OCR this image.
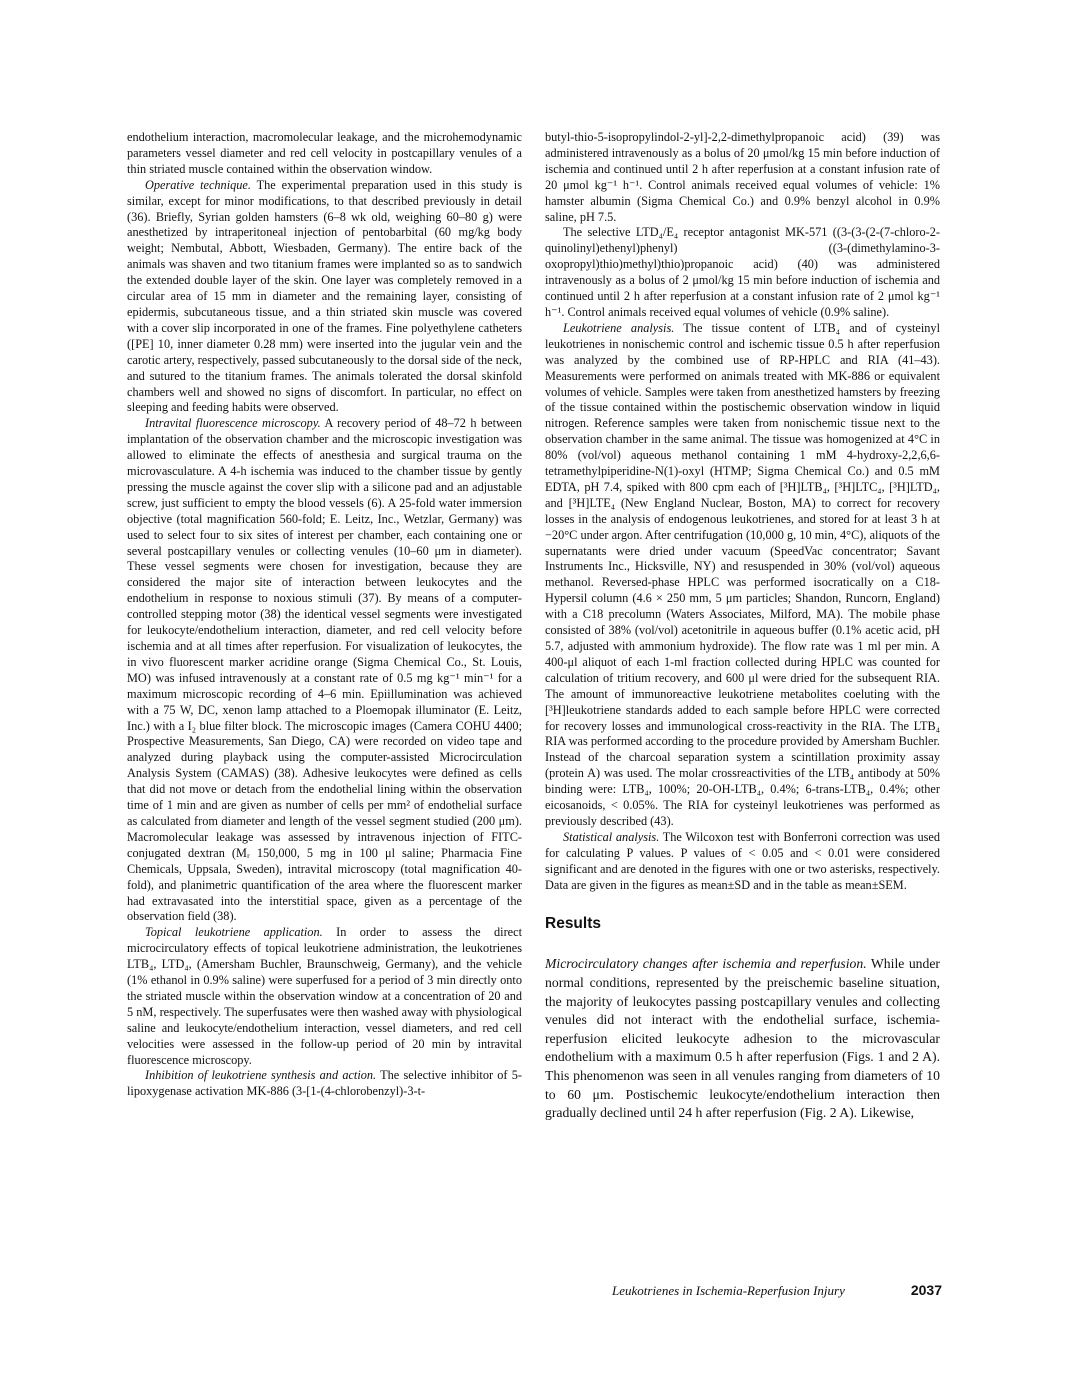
endothelium interaction, macromolecular leakage, and the microhemodynamic parameters vessel diameter and red cell velocity in postcapillary venules of a thin striated muscle contained within the observation window.

Operative technique. The experimental preparation used in this study is similar, except for minor modifications, to that described previously in detail (36). Briefly, Syrian golden hamsters (6–8 wk old, weighing 60–80 g) were anesthetized by intraperitoneal injection of pentobarbital (60 mg/kg body weight; Nembutal, Abbott, Wiesbaden, Germany). The entire back of the animals was shaven and two titanium frames were implanted so as to sandwich the extended double layer of the skin. One layer was completely removed in a circular area of 15 mm in diameter and the remaining layer, consisting of epidermis, subcutaneous tissue, and a thin striated skin muscle was covered with a cover slip incorporated in one of the frames. Fine polyethylene catheters ([PE] 10, inner diameter 0.28 mm) were inserted into the jugular vein and the carotic artery, respectively, passed subcutaneously to the dorsal side of the neck, and sutured to the titanium frames. The animals tolerated the dorsal skinfold chambers well and showed no signs of discomfort. In particular, no effect on sleeping and feeding habits were observed.

Intravital fluorescence microscopy. A recovery period of 48–72 h between implantation of the observation chamber and the microscopic investigation was allowed to eliminate the effects of anesthesia and surgical trauma on the microvasculature. A 4-h ischemia was induced to the chamber tissue by gently pressing the muscle against the cover slip with a silicone pad and an adjustable screw, just sufficient to empty the blood vessels (6). A 25-fold water immersion objective (total magnification 560-fold; E. Leitz, Inc., Wetzlar, Germany) was used to select four to six sites of interest per chamber, each containing one or several postcapillary venules or collecting venules (10–60 μm in diameter). These vessel segments were chosen for investigation, because they are considered the major site of interaction between leukocytes and the endothelium in response to noxious stimuli (37). By means of a computer-controlled stepping motor (38) the identical vessel segments were investigated for leukocyte/endothelium interaction, diameter, and red cell velocity before ischemia and at all times after reperfusion. For visualization of leukocytes, the in vivo fluorescent marker acridine orange (Sigma Chemical Co., St. Louis, MO) was infused intravenously at a constant rate of 0.5 mg kg⁻¹ min⁻¹ for a maximum microscopic recording of 4–6 min. Epiillumination was achieved with a 75 W, DC, xenon lamp attached to a Ploemopak illuminator (E. Leitz, Inc.) with a I₂ blue filter block. The microscopic images (Camera COHU 4400; Prospective Measurements, San Diego, CA) were recorded on video tape and analyzed during playback using the computer-assisted Microcirculation Analysis System (CAMAS) (38). Adhesive leukocytes were defined as cells that did not move or detach from the endothelial lining within the observation time of 1 min and are given as number of cells per mm² of endothelial surface as calculated from diameter and length of the vessel segment studied (200 μm). Macromolecular leakage was assessed by intravenous injection of FITC-conjugated dextran (Mᵣ 150,000, 5 mg in 100 μl saline; Pharmacia Fine Chemicals, Uppsala, Sweden), intravital microscopy (total magnification 40-fold), and planimetric quantification of the area where the fluorescent marker had extravasated into the interstitial space, given as a percentage of the observation field (38).

Topical leukotriene application. In order to assess the direct microcirculatory effects of topical leukotriene administration, the leukotrienes LTB₄, LTD₄, (Amersham Buchler, Braunschweig, Germany), and the vehicle (1% ethanol in 0.9% saline) were superfused for a period of 3 min directly onto the striated muscle within the observation window at a concentration of 20 and 5 nM, respectively. The superfusates were then washed away with physiological saline and leukocyte/endothelium interaction, vessel diameters, and red cell velocities were assessed in the follow-up period of 20 min by intravital fluorescence microscopy.

Inhibition of leukotriene synthesis and action. The selective inhibitor of 5-lipoxygenase activation MK-886 (3-[1-(4-chlorobenzyl)-3-t-

butyl-thio-5-isopropylindol-2-yl]-2,2-dimethylpropanoic acid) (39) was administered intravenously as a bolus of 20 μmol/kg 15 min before induction of ischemia and continued until 2 h after reperfusion at a constant infusion rate of 20 μmol kg⁻¹ h⁻¹. Control animals received equal volumes of vehicle: 1% hamster albumin (Sigma Chemical Co.) and 0.9% benzyl alcohol in 0.9% saline, pH 7.5.

The selective LTD₄/E₄ receptor antagonist MK-571 ((3-(3-(2-(7-chloro-2-quinolinyl)ethenyl)phenyl) ((3-(dimethylamino-3-oxopropyl)thio)methyl)thio)propanoic acid) (40) was administered intravenously as a bolus of 2 μmol/kg 15 min before induction of ischemia and continued until 2 h after reperfusion at a constant infusion rate of 2 μmol kg⁻¹ h⁻¹. Control animals received equal volumes of vehicle (0.9% saline).

Leukotriene analysis. The tissue content of LTB₄ and of cysteinyl leukotrienes in nonischemic control and ischemic tissue 0.5 h after reperfusion was analyzed by the combined use of RP-HPLC and RIA (41–43). Measurements were performed on animals treated with MK-886 or equivalent volumes of vehicle. Samples were taken from anesthetized hamsters by freezing of the tissue contained within the postischemic observation window in liquid nitrogen. Reference samples were taken from nonischemic tissue next to the observation chamber in the same animal. The tissue was homogenized at 4°C in 80% (vol/vol) aqueous methanol containing 1 mM 4-hydroxy-2,2,6,6-tetramethylpiperidine-N(1)-oxyl (HTMP; Sigma Chemical Co.) and 0.5 mM EDTA, pH 7.4, spiked with 800 cpm each of [³H]LTB₄, [³H]LTC₄, [³H]LTD₄, and [³H]LTE₄ (New England Nuclear, Boston, MA) to correct for recovery losses in the analysis of endogenous leukotrienes, and stored for at least 3 h at −20°C under argon. After centrifugation (10,000 g, 10 min, 4°C), aliquots of the supernatants were dried under vacuum (SpeedVac concentrator; Savant Instruments Inc., Hicksville, NY) and resuspended in 30% (vol/vol) aqueous methanol. Reversed-phase HPLC was performed isocratically on a C18-Hypersil column (4.6 × 250 mm, 5 μm particles; Shandon, Runcorn, England) with a C18 precolumn (Waters Associates, Milford, MA). The mobile phase consisted of 38% (vol/vol) acetonitrile in aqueous buffer (0.1% acetic acid, pH 5.7, adjusted with ammonium hydroxide). The flow rate was 1 ml per min. A 400-μl aliquot of each 1-ml fraction collected during HPLC was counted for calculation of tritium recovery, and 600 μl were dried for the subsequent RIA. The amount of immunoreactive leukotriene metabolites coeluting with the [³H]leukotriene standards added to each sample before HPLC were corrected for recovery losses and immunological cross-reactivity in the RIA. The LTB₄ RIA was performed according to the procedure provided by Amersham Buchler. Instead of the charcoal separation system a scintillation proximity assay (protein A) was used. The molar crossreactivities of the LTB₄ antibody at 50% binding were: LTB₄, 100%; 20-OH-LTB₄, 0.4%; 6-trans-LTB₄, 0.4%; other eicosanoids, < 0.05%. The RIA for cysteinyl leukotrienes was performed as previously described (43).

Statistical analysis. The Wilcoxon test with Bonferroni correction was used for calculating P values. P values of < 0.05 and < 0.01 were considered significant and are denoted in the figures with one or two asterisks, respectively. Data are given in the figures as mean±SD and in the table as mean±SEM.

Results

Microcirculatory changes after ischemia and reperfusion. While under normal conditions, represented by the preischemic baseline situation, the majority of leukocytes passing postcapillary venules and collecting venules did not interact with the endothelial surface, ischemia-reperfusion elicited leukocyte adhesion to the microvascular endothelium with a maximum 0.5 h after reperfusion (Figs. 1 and 2 A). This phenomenon was seen in all venules ranging from diameters of 10 to 60 μm. Postischemic leukocyte/endothelium interaction then gradually declined until 24 h after reperfusion (Fig. 2 A). Likewise,

Leukotrienes in Ischemia-Reperfusion Injury	2037
